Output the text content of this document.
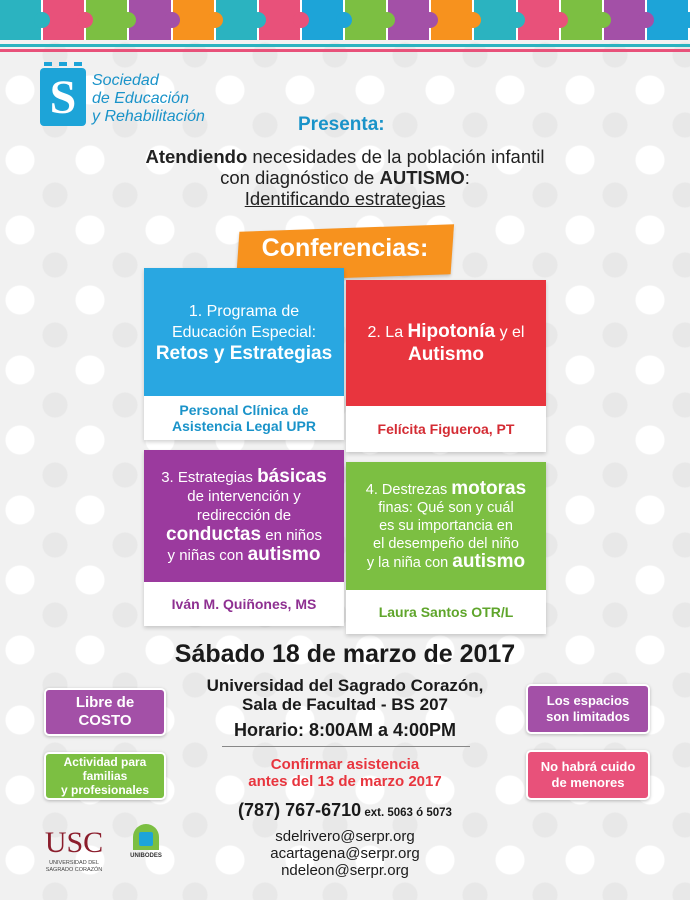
S
Sociedad
de Educación
y Rehabilitación	Presenta:
Atendiendo necesidades de la población infantil
con diagnóstico de AUTISMO:
Identificando estrategias
Conferencias:
1. Programa de
Educación Especial:
Retos y Estrategias
Personal Clínica de
Asistencia Legal UPR
2. La Hipotonía y el
Autismo
Felícita Figueroa, PT
3. Estrategias básicas
de intervención y
redirección de
conductas en niños
y niñas con autismo
Iván M. Quiñones, MS
4. Destrezas motoras
finas: Qué son y cuál
es su importancia en
el desempeño del niño
y la niña con autismo
Laura Santos OTR/L
Sábado 18 de marzo de 2017
Universidad del Sagrado Corazón,
Sala de Facultad - BS 207
Horario: 8:00AM a 4:00PM
Confirmar asistencia
antes del 13 de marzo 2017
(787) 767-6710 ext. 5063 ó 5073
sdelrivero@serpr.org
acartagena@serpr.org
ndeleon@serpr.org
Libre de
COSTO
Actividad para
familias
y profesionales
Los espacios
son limitados
No habrá cuido
de menores
USC
UNIVERSIDAD DEL SAGRADO CORAZÓN
UNIBODES
